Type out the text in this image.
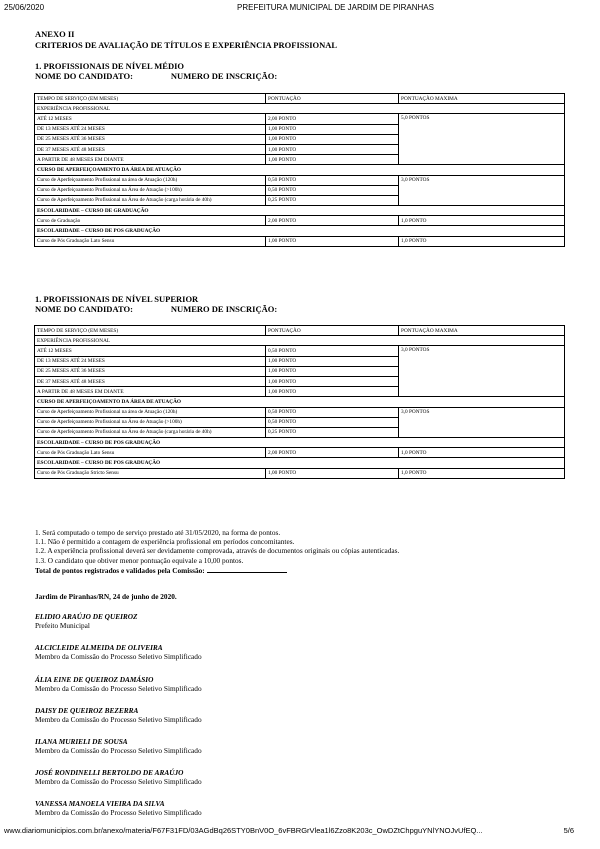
25/06/2020	PREFEITURA MUNICIPAL DE JARDIM DE PIRANHAS
ANEXO II
CRITERIOS DE AVALIAÇÃO DE TÍTULOS E EXPERIÊNCIA PROFISSIONAL
1. PROFISSIONAIS DE NÍVEL MÉDIO
NOME DO CANDIDATO:	NUMERO DE INSCRIÇÃO:
TEMPO DE SERVIÇO (EM MESES)	PONTUAÇÃO	PONTUAÇÃO MAXIMA
EXPERIÊNCIA PROFISSIONAL		
ATÉ 12 MESES	2,00 PONTO	5,0 PONTOS
DE 13 MESES ATÉ 24 MESES	1,00 PONTO	
DE 25 MESES ATÉ 36 MESES	1,00 PONTO	
DE 37 MESES ATÉ 48 MESES	1,00 PONTO	
A PARTIR DE 48 MESES EM DIANTE	1,00 PONTO	
CURSO DE APERFEIÇOAMENTO DA ÁREA DE ATUAÇÃO		
Curso de Aperfeiçoamento Profissional na área de Atuação (120h)	0,50 PONTO	3,0 PONTOS
Curso de Aperfeiçoamento Profissional na Área de Atuação (>100h)	0,50 PONTO	
Curso de Aperfeiçoamento Profissional na Área de Atuação (carga horária de 40h)	0,25 PONTO	
ESCOLARIDADE – CURSO DE GRADUAÇÃO		
Curso de Graduação	2,00 PONTO	1,0 PONTO
ESCOLARIDADE – CURSO DE POS GRADUAÇÃO		
Curso de Pós Graduação Lato Sensu	1,00 PONTO	1,0 PONTO
1. PROFISSIONAIS DE NÍVEL SUPERIOR
NOME DO CANDIDATO:	NUMERO DE INSCRIÇÃO:
TEMPO DE SERVIÇO (EM MESES)	PONTUAÇÃO	PONTUAÇÃO MAXIMA
EXPERIÊNCIA PROFISSIONAL		
ATÉ 12 MESES	0,50 PONTO	3,0 PONTOS
DE 13 MESES ATÉ 24 MESES	1,00 PONTO	
DE 25 MESES ATÉ 36 MESES	1,00 PONTO	
DE 37 MESES ATÉ 48 MESES	1,00 PONTO	
A PARTIR DE 48 MESES EM DIANTE	1,00 PONTO	
CURSO DE APERFEIÇOAMENTO DA ÁREA DE ATUAÇÃO		
Curso de Aperfeiçoamento Profissional na área de Atuação (120h)	0,50 PONTO	3,0 PONTOS
Curso de Aperfeiçoamento Profissional na Área de Atuação (>100h)	0,50 PONTO	
Curso de Aperfeiçoamento Profissional na Área de Atuação (carga horária de 40h)	0,25 PONTO	
ESCOLARIDADE – CURSO DE POS GRADUAÇÃO		
Curso de Pós Graduação Lato Sensu	2,00 PONTO	1,0 PONTO
ESCOLARIDADE – CURSO DE POS GRADUAÇÃO		
Curso de Pós Graduação Stricto Sensu	1,00 PONTO	1,0 PONTO
1. Será computado o tempo de serviço prestado até 31/05/2020, na forma de pontos.
1.1. Não é permitido a contagem de experiência profissional em períodos concomitantes.
1.2. A experiência profissional deverá ser devidamente comprovada, através de documentos originais ou cópias autenticadas.
1.3. O candidato que obtiver menor pontuação equivale a 10,00 pontos.
Total de pontos registrados e validados pela Comissão:
Jardim de Piranhas/RN, 24 de junho de 2020.
ELIDIO ARAÚJO DE QUEIROZ
Prefeito Municipal
ALCICLEIDE ALMEIDA DE OLIVEIRA
Membro da Comissão do Processo Seletivo Simplificado
ÁLIA EINE DE QUEIROZ DAMÁSIO
Membro da Comissão do Processo Seletivo Simplificado
DAISY DE QUEIROZ BEZERRA
Membro da Comissão do Processo Seletivo Simplificado
ILANA MURIELI DE SOUSA
Membro da Comissão do Processo Seletivo Simplificado
JOSÉ RONDINELLI BERTOLDO DE ARAÚJO
Membro da Comissão do Processo Seletivo Simplificado
VANESSA MANOELA VIEIRA DA SILVA
Membro da Comissão do Processo Seletivo Simplificado
www.diariomunicipios.com.br/anexo/materia/F67F31FD/03AGdBq26STY0BnV0O_6vFBRGrVlea1l6Zzo8K203c_OwDZtChpguYNlYNOJvUfEQ...	5/6
